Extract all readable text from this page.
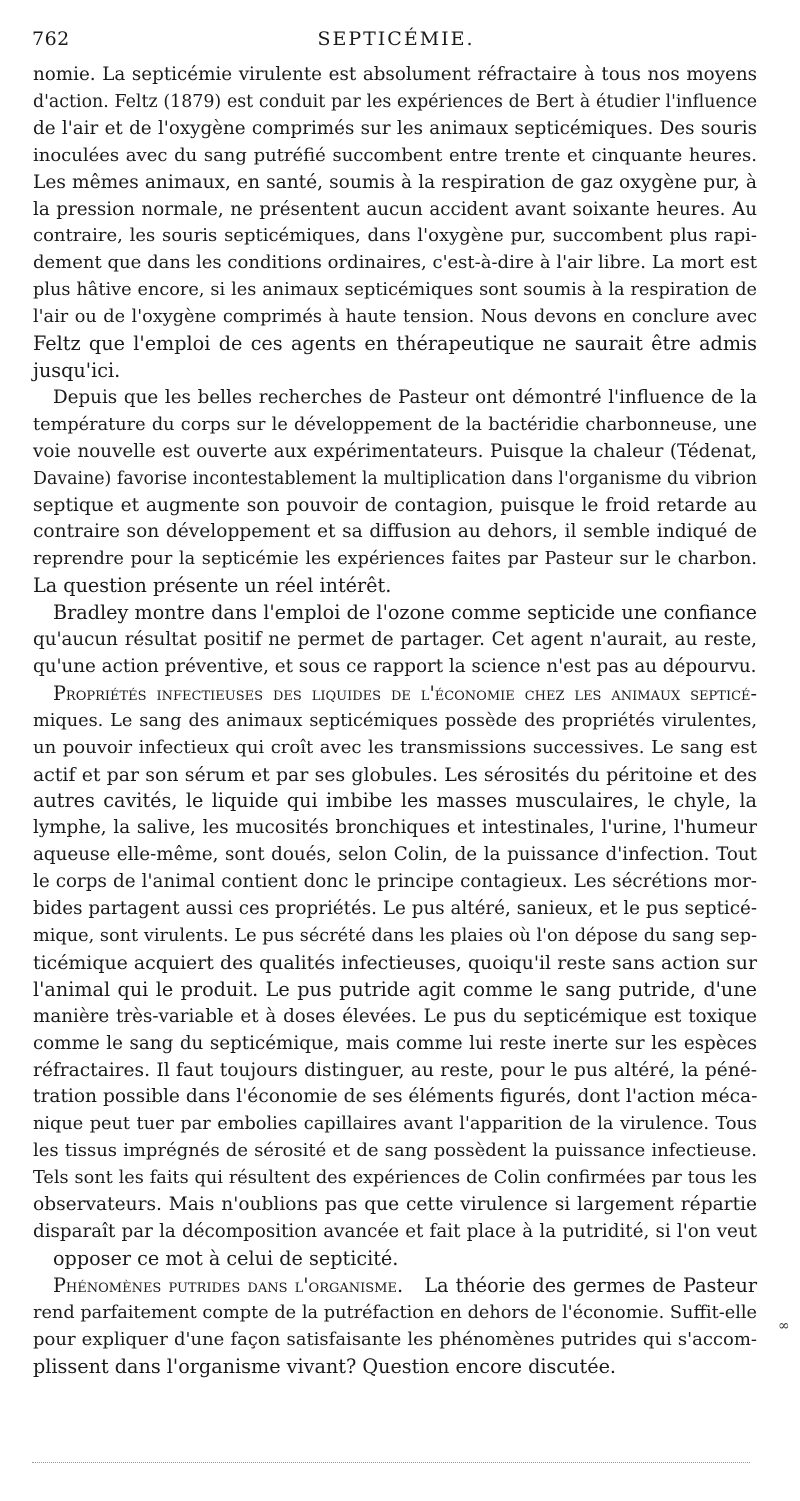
762	SEPTICÉMIE.
nomie. La septicémie virulente est absolument réfractaire à tous nos moyens
d'action. Feltz (1879) est conduit par les expériences de Bert à étudier l'influence
de l'air et de l'oxygène comprimés sur les animaux septicémiques. Des souris
inoculées avec du sang putréfié succombent entre trente et cinquante heures.
Les mêmes animaux, en santé, soumis à la respiration de gaz oxygène pur, à
la pression normale, ne présentent aucun accident avant soixante heures. Au
contraire, les souris septicémiques, dans l'oxygène pur, succombent plus rapi-
dement que dans les conditions ordinaires, c'est-à-dire à l'air libre. La mort est
plus hâtive encore, si les animaux septicémiques sont soumis à la respiration de
l'air ou de l'oxygène comprimés à haute tension. Nous devons en conclure avec
Feltz que l'emploi de ces agents en thérapeutique ne saurait être admis
jusqu'ici.
Depuis que les belles recherches de Pasteur ont démontré l'influence de la
température du corps sur le développement de la bactéridie charbonneuse, une
voie nouvelle est ouverte aux expérimentateurs. Puisque la chaleur (Tédenat,
Davaine) favorise incontestablement la multiplication dans l'organisme du vibrion
septique et augmente son pouvoir de contagion, puisque le froid retarde au
contraire son développement et sa diffusion au dehors, il semble indiqué de
reprendre pour la septicémie les expériences faites par Pasteur sur le charbon.
La question présente un réel intérêt.
Bradley montre dans l'emploi de l'ozone comme septicide une confiance
qu'aucun résultat positif ne permet de partager. Cet agent n'aurait, au reste,
qu'une action préventive, et sous ce rapport la science n'est pas au dépourvu.
Propriétés infectieuses des liquides de l'économie chez les animaux septicé-
miques. Le sang des animaux septicémiques possède des propriétés virulentes,
un pouvoir infectieux qui croît avec les transmissions successives. Le sang est
actif et par son sérum et par ses globules. Les sérosités du péritoine et des
autres cavités, le liquide qui imbibe les masses musculaires, le chyle, la
lymphe, la salive, les mucosités bronchiques et intestinales, l'urine, l'humeur
aqueuse elle-même, sont doués, selon Colin, de la puissance d'infection. Tout
le corps de l'animal contient donc le principe contagieux. Les sécrétions mor-
bides partagent aussi ces propriétés. Le pus altéré, sanieux, et le pus septicé-
mique, sont virulents. Le pus sécrété dans les plaies où l'on dépose du sang sep-
ticémique acquiert des qualités infectieuses, quoiqu'il reste sans action sur
l'animal qui le produit. Le pus putride agit comme le sang putride, d'une
manière très-variable et à doses élevées. Le pus du septicémique est toxique
comme le sang du septicémique, mais comme lui reste inerte sur les espèces
réfractaires. Il faut toujours distinguer, au reste, pour le pus altéré, la péné-
tration possible dans l'économie de ses éléments figurés, dont l'action méca-
nique peut tuer par embolies capillaires avant l'apparition de la virulence. Tous
les tissus imprégnés de sérosité et de sang possèdent la puissance infectieuse.
Tels sont les faits qui résultent des expériences de Colin confirmées par tous les
observateurs. Mais n'oublions pas que cette virulence si largement répartie
disparaît par la décomposition avancée et fait place à la putridité, si l'on veut
opposer ce mot à celui de septicité.
Phénomènes putrides dans l'organisme. La théorie des germes de Pasteur
rend parfaitement compte de la putréfaction en dehors de l'économie. Suffit-elle
pour expliquer d'une façon satisfaisante les phénomènes putrides qui s'accom-
plissent dans l'organisme vivant? Question encore discutée.
∞
